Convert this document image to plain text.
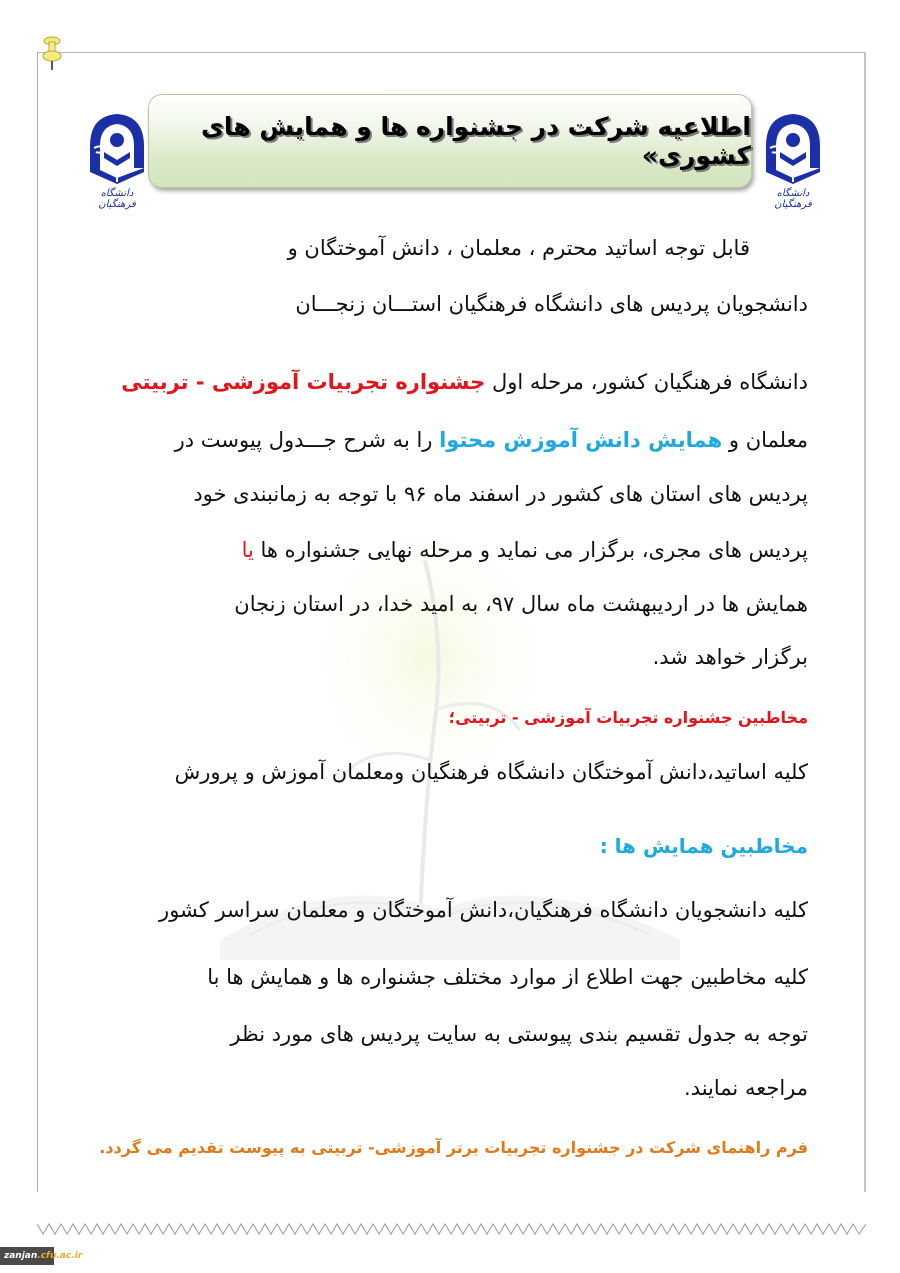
دانشگاه فرهنگیان
دانشگاه فرهنگیان
اطلاعیه شرکت در جشنواره ها و همایش های کشوری»
قابل توجه اساتید محترم ، معلمان ، دانش آموختگان و
دانشجویان پردیس های دانشگاه فرهنگیان استـــان زنجـــان
دانشگاه فرهنگیان کشور، مرحله اول جشنواره تجربیات آموزشی - تربیتی
معلمان و همایش دانش آموزش محتوا را به شرح جـــدول پیوست در
پردیس های استان های کشور در اسفند ماه ۹۶ با توجه به زمانبندی خود
پردیس های مجری، برگزار می نماید و مرحله نهایی جشنواره ها یا
همایش ها در اردیبهشت ماه سال ۹۷، به امید خدا، در استان زنجان
برگزار خواهد شد.
مخاطبین جشنواره تجربیات آموزشی - تربیتی؛
کلیه اساتید،دانش آموختگان دانشگاه فرهنگیان ومعلمان آموزش و پرورش
مخاطبین همایش ها :
کلیه دانشجویان دانشگاه فرهنگیان،دانش آموختگان و معلمان سراسر کشور
کلیه مخاطبین جهت اطلاع از موارد مختلف جشنواره ها و همایش ها با
توجه به جدول تقسیم بندی پیوستی به سایت پردیس های مورد نظر
مراجعه نمایند.
فرم راهنمای شرکت در جشنواره تجربیات برتر آموزشی- تربیتی به پیوست تقدیم می گردد.
zanjan.cfu.ac.ir
